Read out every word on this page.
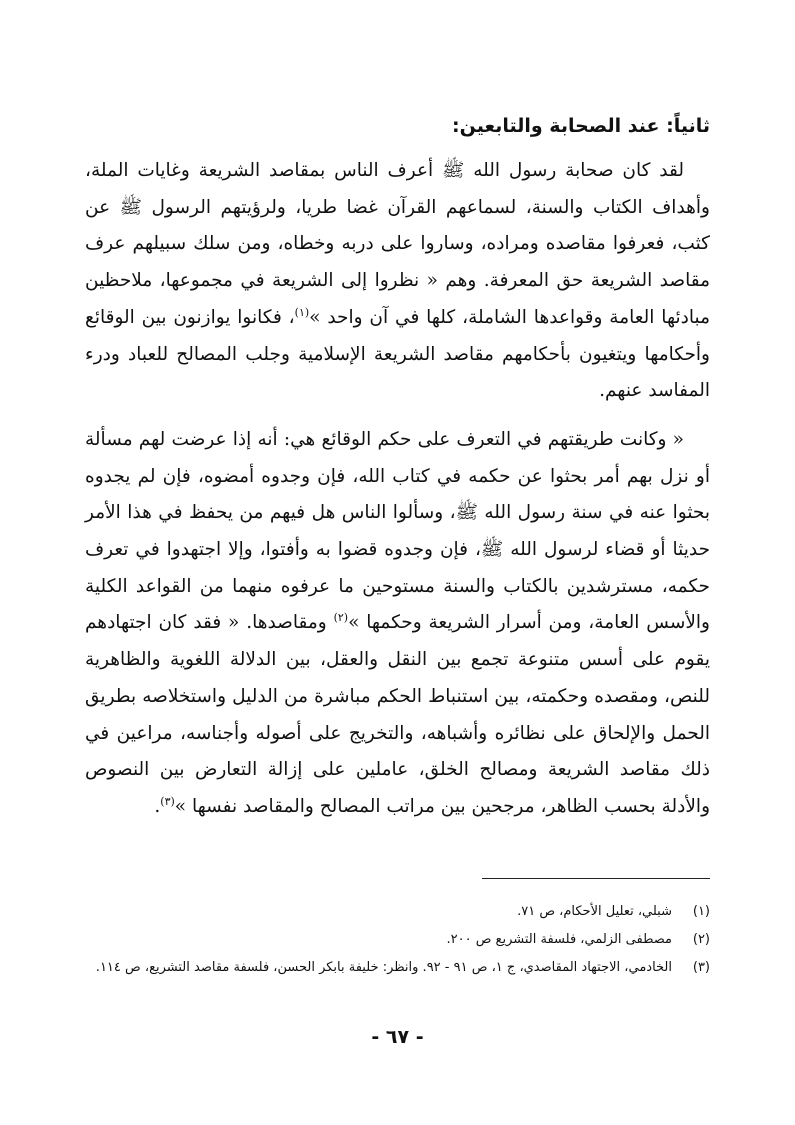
ثانياً: عند الصحابة والتابعين:

لقد كان صحابة رسول الله ﷺ أعرف الناس بمقاصد الشريعة وغايات الملة، وأهداف الكتاب والسنة، لسماعهم القرآن غضا طريا، ولرؤيتهم الرسول ﷺ عن كثب، فعرفوا مقاصده ومراده، وساروا على دربه وخطاه، ومن سلك سبيلهم عرف مقاصد الشريعة حق المعرفة. وهم « نظروا إلى الشريعة في مجموعها، ملاحظين مبادئها العامة وقواعدها الشاملة، كلها في آن واحد »$^{(١)}$، فكانوا يوازنون بين الوقائع وأحكامها ويتغيون بأحكامهم مقاصد الشريعة الإسلامية وجلب المصالح للعباد ودرء المفاسد عنهم.

« وكانت طريقتهم في التعرف على حكم الوقائع هي: أنه إذا عرضت لهم مسألة أو نزل بهم أمر بحثوا عن حكمه في كتاب الله، فإن وجدوه أمضوه، فإن لم يجدوه بحثوا عنه في سنة رسول الله ﷺ، وسألوا الناس هل فيهم من يحفظ في هذا الأمر حديثا أو قضاء لرسول الله ﷺ، فإن وجدوه قضوا به وأفتوا، وإلا اجتهدوا في تعرف حكمه، مسترشدين بالكتاب والسنة مستوحين ما عرفوه منهما من القواعد الكلية والأسس العامة، ومن أسرار الشريعة وحكمها »$^{(٢)}$ ومقاصدها. « فقد كان اجتهادهم يقوم على أسس متنوعة تجمع بين النقل والعقل، بين الدلالة اللغوية والظاهرية للنص، ومقصده وحكمته، بين استنباط الحكم مباشرة من الدليل واستخلاصه بطريق الحمل والإلحاق على نظائره وأشباهه، والتخريج على أصوله وأجناسه، مراعين في ذلك مقاصد الشريعة ومصالح الخلق، عاملين على إزالة التعارض بين النصوص والأدلة بحسب الظاهر، مرجحين بين مراتب المصالح والمقاصد نفسها »$^{(٣)}$.

(١)
شبلي، تعليل الأحكام، ص ٧١.
(٢)
مصطفى الزلمي، فلسفة التشريع ص ٢٠٠.
(٣)
الخادمي، الاجتهاد المقاصدي، ج ١، ص ٩١ - ٩٢. وانظر: خليفة بابكر الحسن، فلسفة مقاصد التشريع، ص ١١٤.
- ٦٧ -
